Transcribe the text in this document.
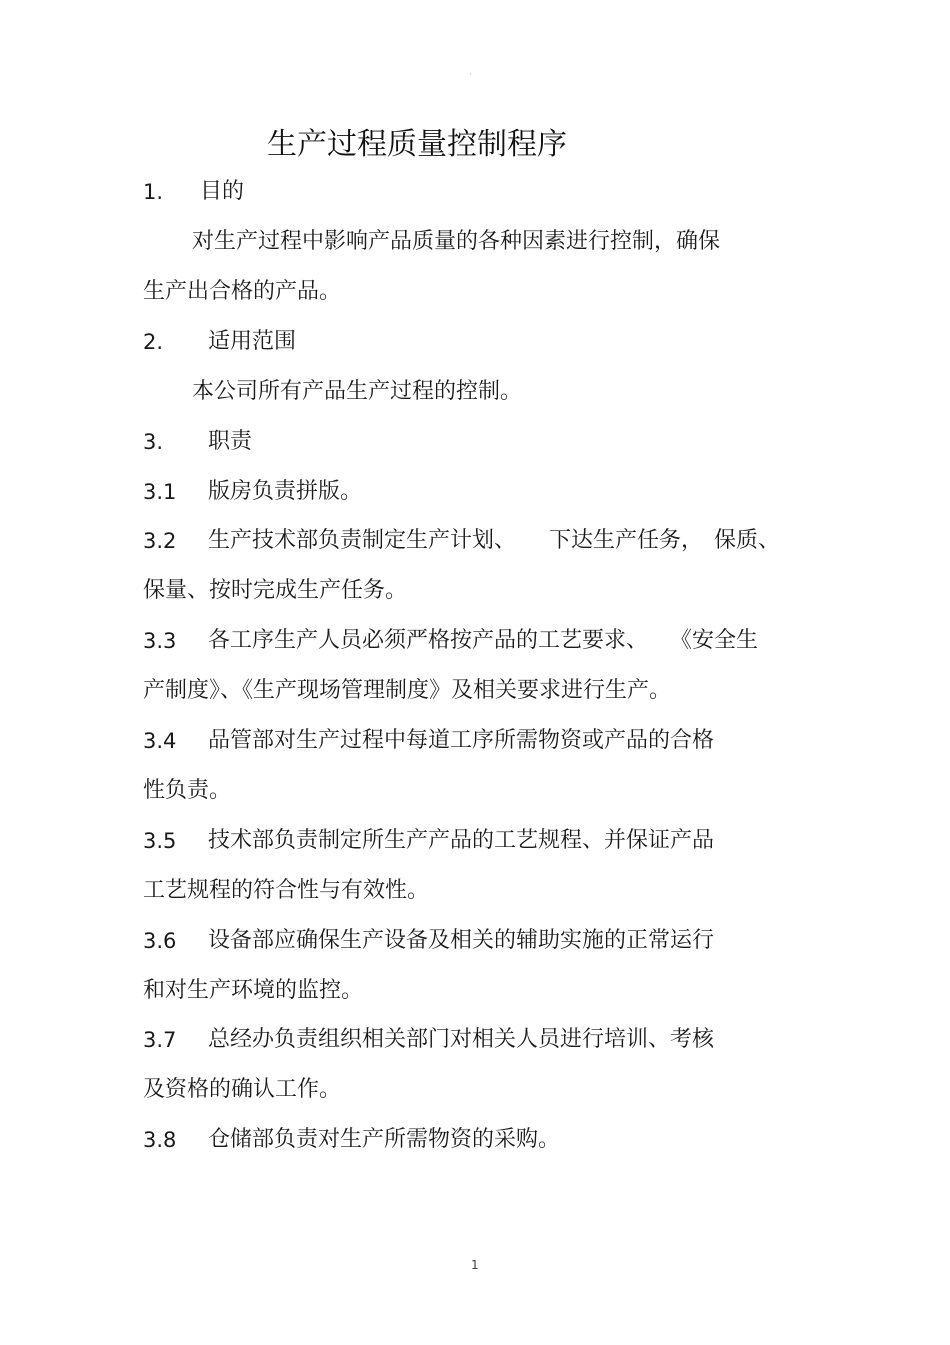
·
生产过程质量控制程序
1. 目的
对生产过程中影响产品质量的各种因素进行控制，确保
生产出合格的产品。
2. 适用范围
本公司所有产品生产过程的控制。
3. 职责
3.1 版房负责拼版。
3.2 生产技术部负责制定生产计划、　　下达生产任务，　保质、
保量、按时完成生产任务。
3.3 各工序生产人员必须严格按产品的工艺要求、　　《安全生
产制度》、《生产现场管理制度》及相关要求进行生产。
3.4 品管部对生产过程中每道工序所需物资或产品的合格
性负责。
3.5 技术部负责制定所生产产品的工艺规程、并保证产品
工艺规程的符合性与有效性。
3.6 设备部应确保生产设备及相关的辅助实施的正常运行
和对生产环境的监控。
3.7 总经办负责组织相关部门对相关人员进行培训、考核
及资格的确认工作。
3.8 仓储部负责对生产所需物资的采购。
1
